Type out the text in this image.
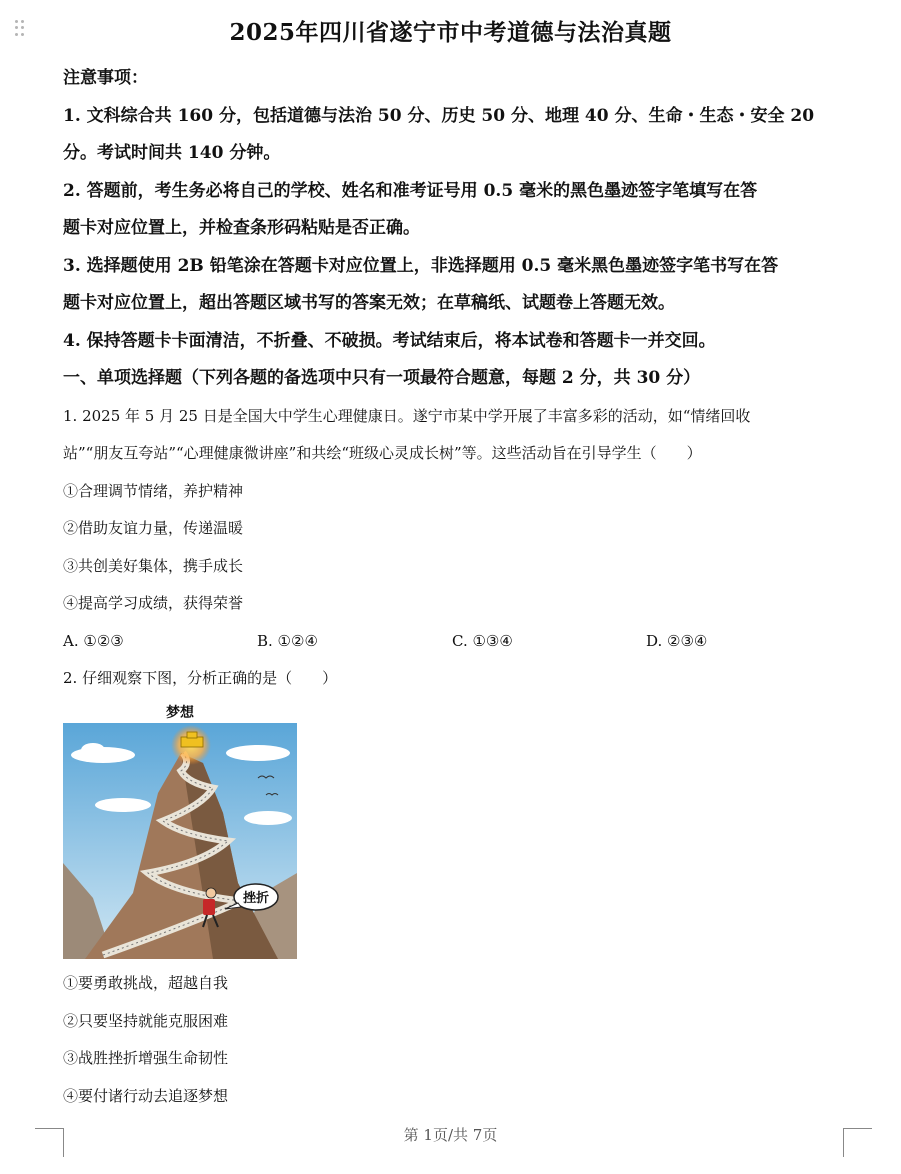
2025年四川省遂宁市中考道德与法治真题
注意事项：
1. 文科综合共 160 分，包括道德与法治 50 分、历史 50 分、地理 40 分、生命・生态・安全 20
分。考试时间共 140 分钟。
2. 答题前，考生务必将自己的学校、姓名和准考证号用 0.5 毫米的黑色墨迹签字笔填写在答
题卡对应位置上，并检查条形码粘贴是否正确。
3. 选择题使用 2B 铅笔涂在答题卡对应位置上，非选择题用 0.5 毫米黑色墨迹签字笔书写在答
题卡对应位置上，超出答题区域书写的答案无效；在草稿纸、试题卷上答题无效。
4. 保持答题卡卡面清洁，不折叠、不破损。考试结束后，将本试卷和答题卡一并交回。
一、单项选择题（下列各题的备选项中只有一项最符合题意，每题 2 分，共 30 分）
1. 2025 年 5 月 25 日是全国大中学生心理健康日。遂宁市某中学开展了丰富多彩的活动，如“情绪回收
站”“朋友互夸站”“心理健康微讲座”和共绘“班级心灵成长树”等。这些活动旨在引导学生（　　）
①合理调节情绪，养护精神
②借助友谊力量，传递温暖
③共创美好集体，携手成长
④提高学习成绩，获得荣誉
A. ①②③	B. ①②④	C. ①③④	D. ②③④
2. 仔细观察下图，分析正确的是（　　）
梦想
挫折
①要勇敢挑战，超越自我
②只要坚持就能克服困难
③战胜挫折增强生命韧性
④要付诸行动去追逐梦想
第 1页/共 7页
